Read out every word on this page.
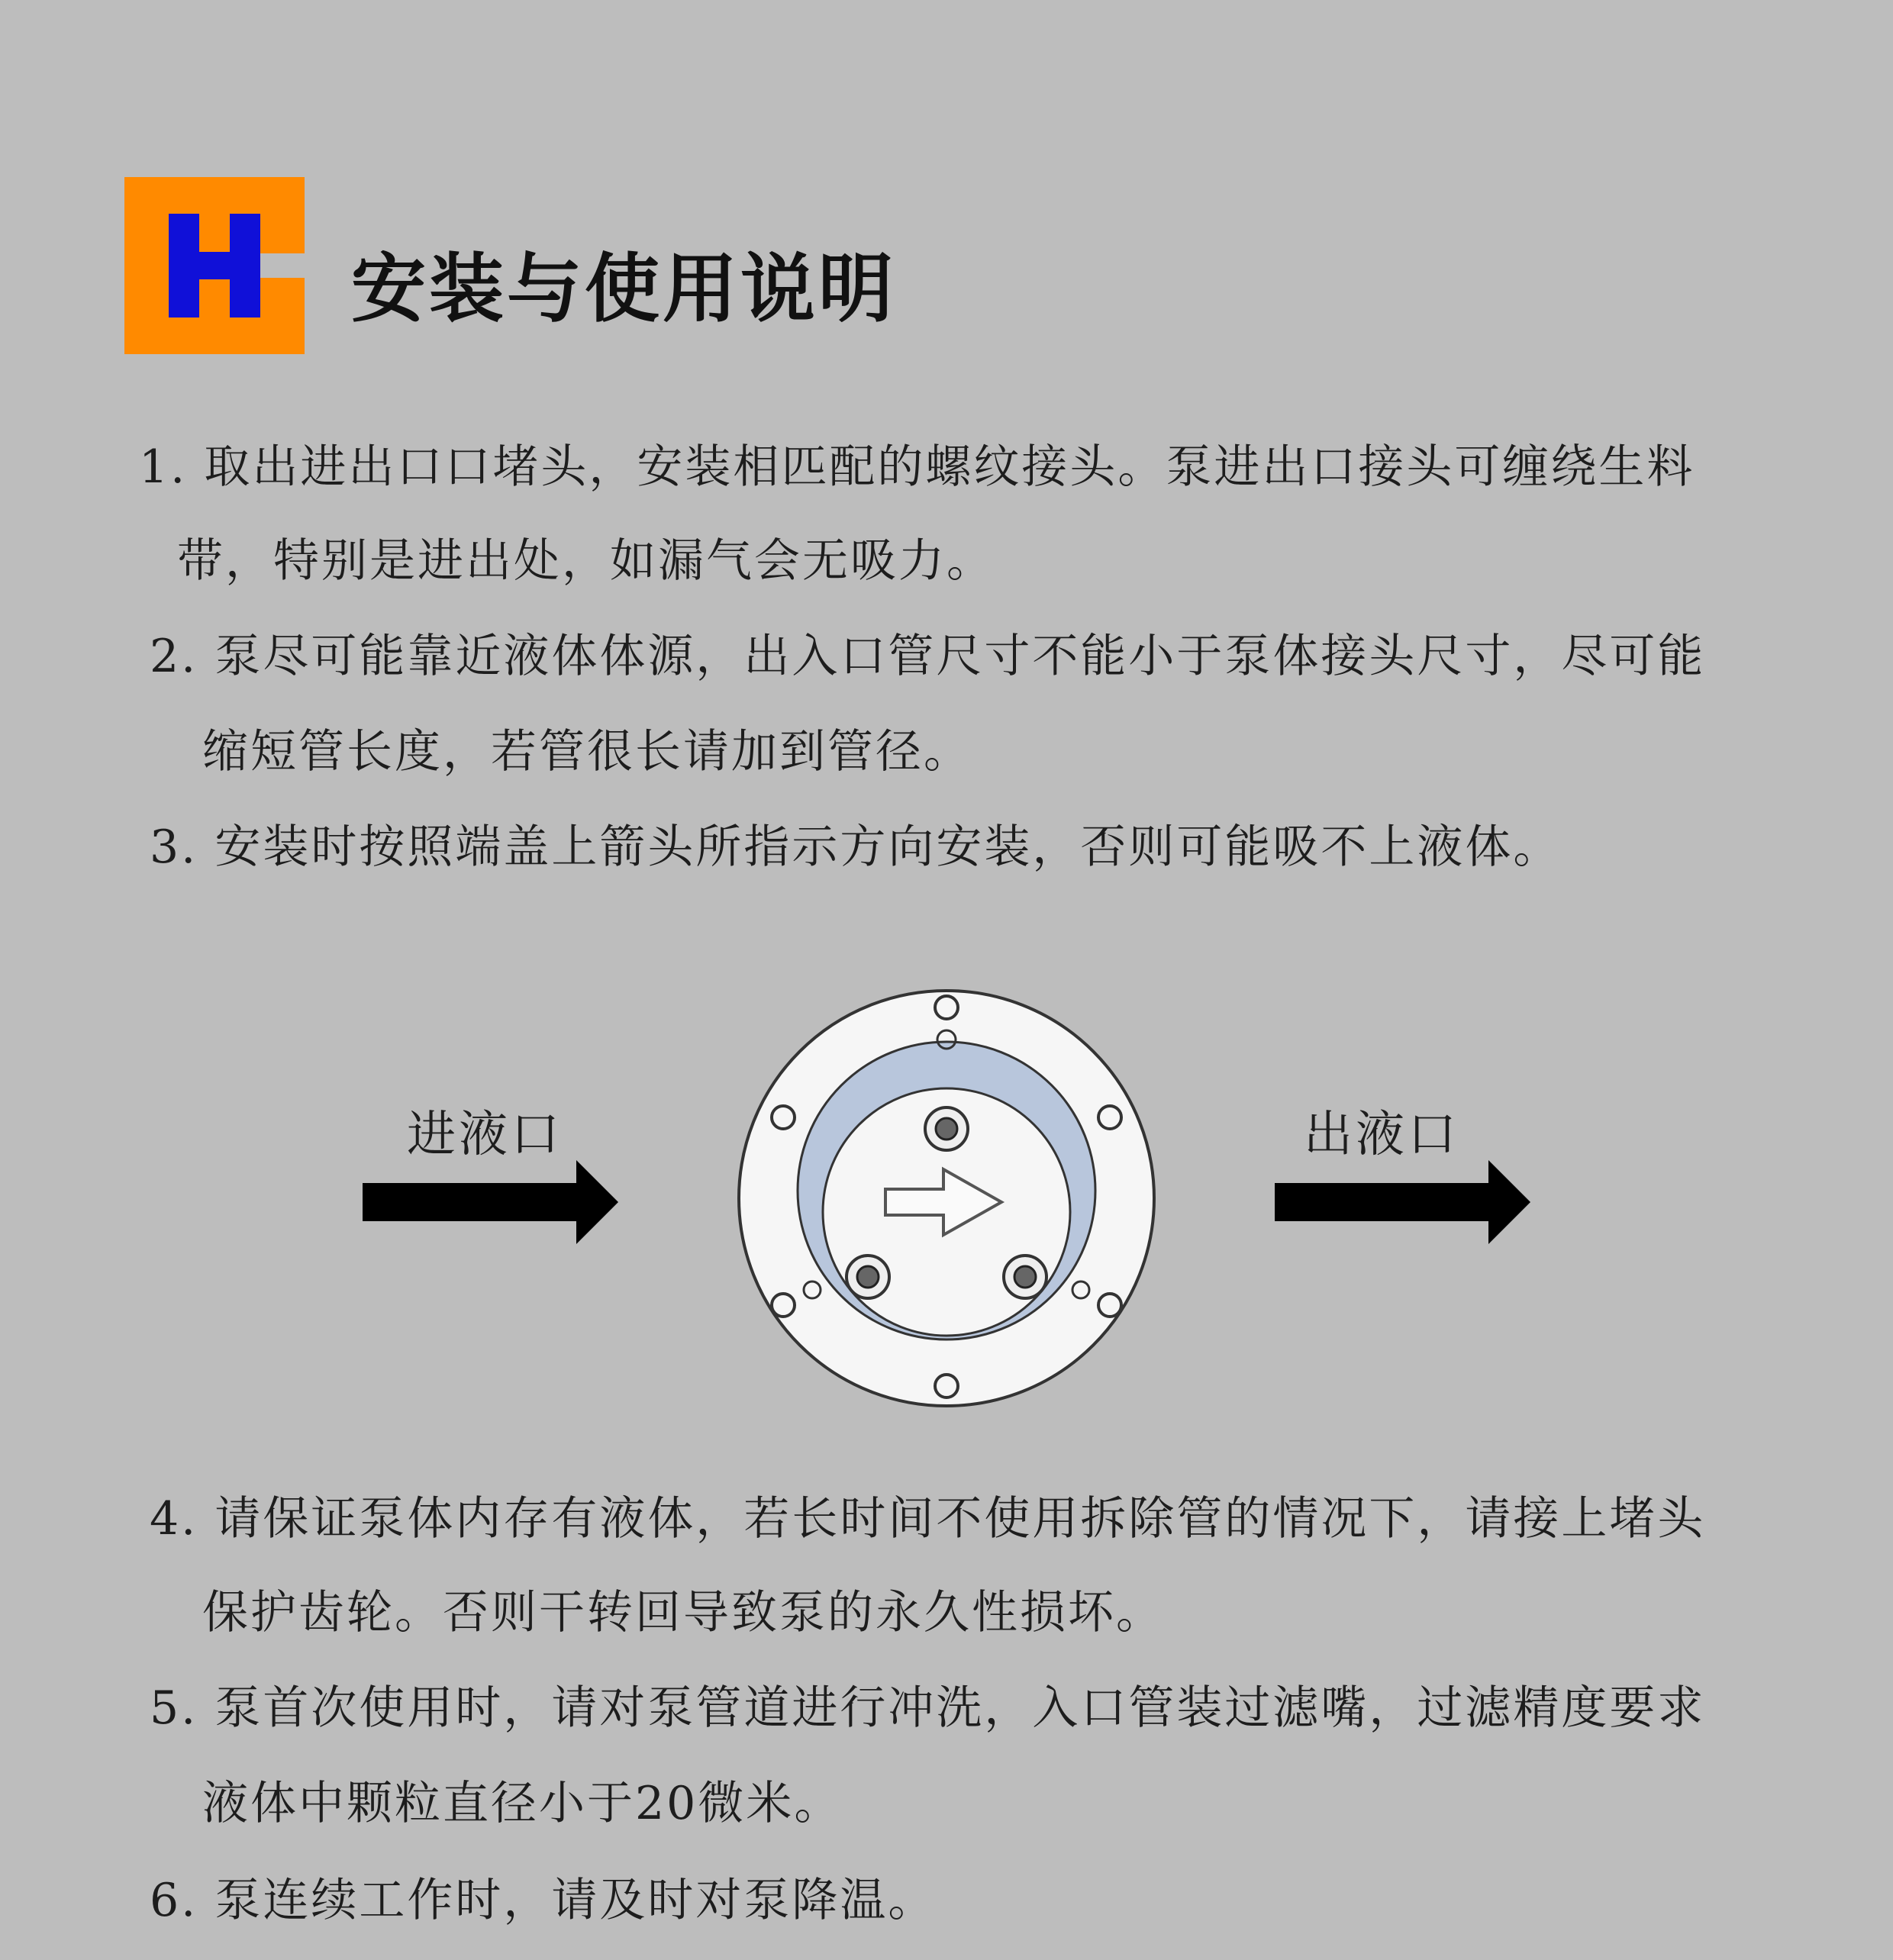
安装与使用说明
1. 取出进出口口堵头，安装相匹配的螺纹接头。泵进出口接头可缠绕生料
带，特别是进出处，如漏气会无吸力。
2. 泵尽可能靠近液体体源，出入口管尺寸不能小于泵体接头尺寸，尽可能
缩短管长度，若管很长请加到管径。
3. 安装时按照端盖上箭头所指示方向安装，否则可能吸不上液体。
进液口	出液口
4. 请保证泵体内存有液体，若长时间不使用拆除管的情况下，请接上堵头
保护齿轮。否则干转回导致泵的永久性损坏。
5. 泵首次使用时，请对泵管道进行冲洗，入口管装过滤嘴，过滤精度要求
液体中颗粒直径小于20微米。
6. 泵连续工作时，请及时对泵降温。
